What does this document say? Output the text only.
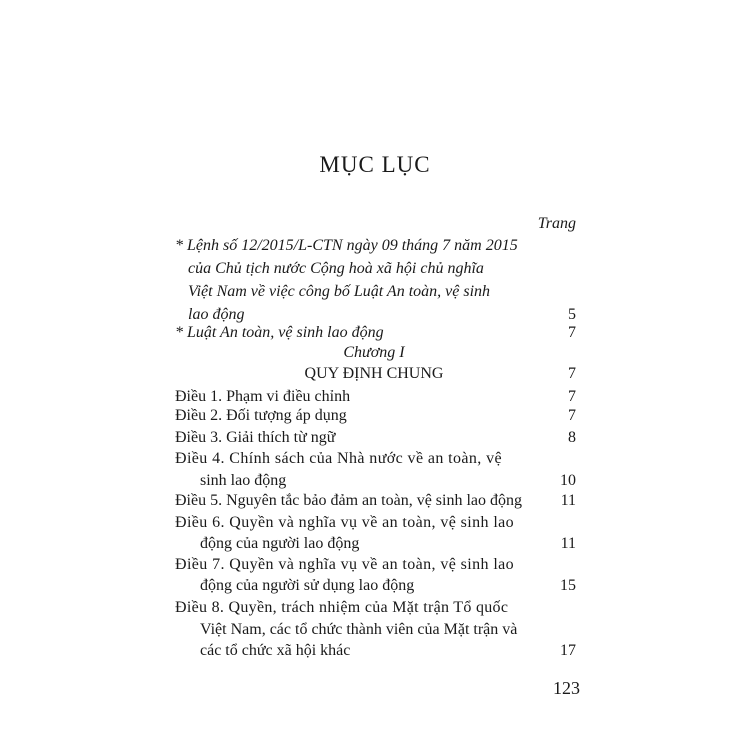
MỤC LỤC
Trang
* Lệnh số 12/2015/L-CTN ngày 09 tháng 7 năm 2015
của Chủ tịch nước Cộng hoà xã hội chủ nghĩa
Việt Nam về việc công bố Luật An toàn, vệ sinh
lao động	5
* Luật An toàn, vệ sinh lao động	7
Chương I
QUY ĐỊNH CHUNG	7
Điều 1. Phạm vi điều chỉnh	7
Điều 2. Đối tượng áp dụng	7
Điều 3. Giải thích từ ngữ	8
Điều 4. Chính sách của Nhà nước về an toàn, vệ
sinh lao động	10
Điều 5. Nguyên tắc bảo đảm an toàn, vệ sinh lao động	11
Điều 6. Quyền và nghĩa vụ về an toàn, vệ sinh lao
động của người lao động	11
Điều 7. Quyền và nghĩa vụ về an toàn, vệ sinh lao
động của người sử dụng lao động	15
Điều 8. Quyền, trách nhiệm của Mặt trận Tổ quốc
Việt Nam, các tổ chức thành viên của Mặt trận và
các tổ chức xã hội khác	17
123
